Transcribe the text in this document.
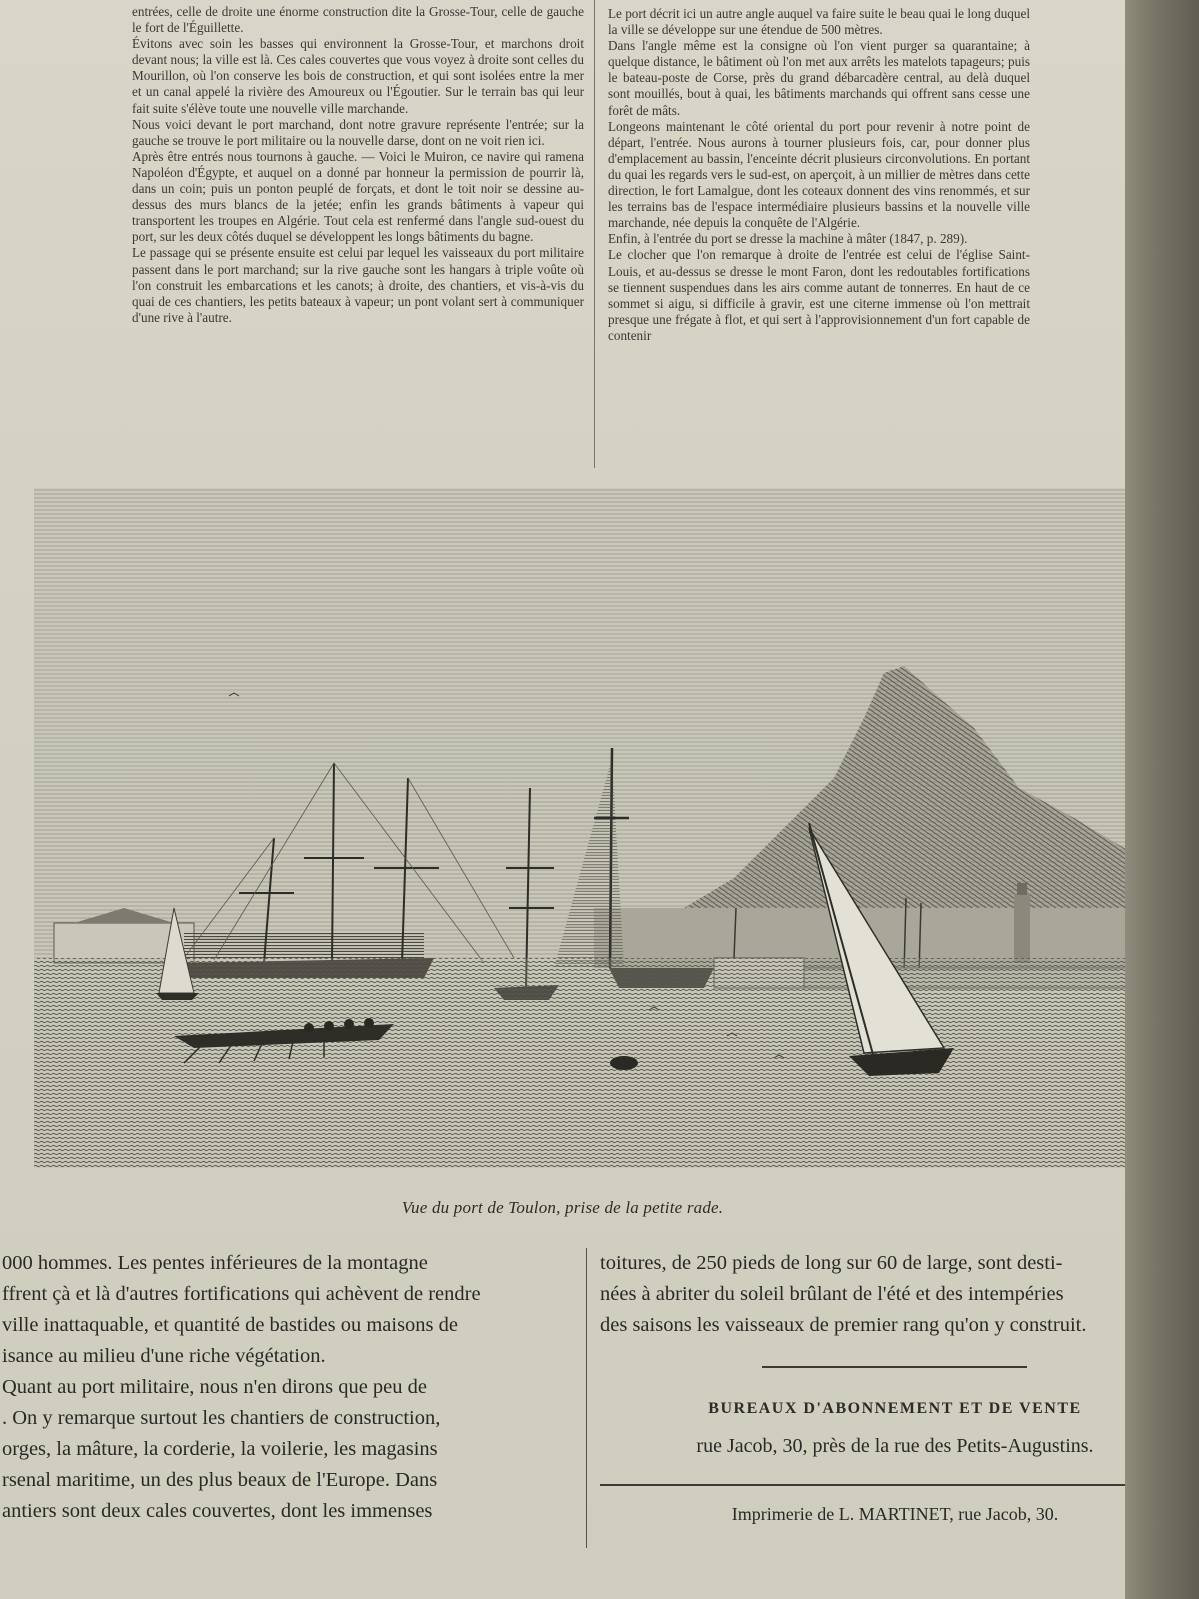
entrées, celle de droite une énorme construction dite la Grosse-Tour, celle de gauche le fort de l'Éguillette.

Évitons avec soin les basses qui environnent la Grosse-Tour, et marchons droit devant nous; la ville est là. Ces cales couvertes que vous voyez à droite sont celles du Mourillon, où l'on conserve les bois de construction, et qui sont isolées entre la mer et un canal appelé la rivière des Amoureux ou l'Égoutier. Sur le terrain bas qui leur fait suite s'élève toute une nouvelle ville marchande.

Nous voici devant le port marchand, dont notre gravure représente l'entrée; sur la gauche se trouve le port militaire ou la nouvelle darse, dont on ne voit rien ici.

Après être entrés nous tournons à gauche. — Voici le Muiron, ce navire qui ramena Napoléon d'Égypte, et auquel on a donné par honneur la permission de pourrir là, dans un coin; puis un ponton peuplé de forçats, et dont le toit noir se dessine au-dessus des murs blancs de la jetée; enfin les grands bâtiments à vapeur qui transportent les troupes en Algérie. Tout cela est renfermé dans l'angle sud-ouest du port, sur les deux côtés duquel se développent les longs bâtiments du bagne.

Le passage qui se présente ensuite est celui par lequel les vaisseaux du port militaire passent dans le port marchand; sur la rive gauche sont les hangars à triple voûte où l'on construit les embarcations et les canots; à droite, des chantiers, et vis-à-vis du quai de ces chantiers, les petits bateaux à vapeur; un pont volant sert à communiquer d'une rive à l'autre.

Le port décrit ici un autre angle auquel va faire suite le beau quai le long duquel la ville se développe sur une étendue de 500 mètres.

Dans l'angle même est la consigne où l'on vient purger sa quarantaine; à quelque distance, le bâtiment où l'on met aux arrêts les matelots tapageurs; puis le bateau-poste de Corse, près du grand débarcadère central, au delà duquel sont mouillés, bout à quai, les bâtiments marchands qui offrent sans cesse une forêt de mâts.

Longeons maintenant le côté oriental du port pour revenir à notre point de départ, l'entrée. Nous aurons à tourner plusieurs fois, car, pour donner plus d'emplacement au bassin, l'enceinte décrit plusieurs circonvolutions. En portant du quai les regards vers le sud-est, on aperçoit, à un millier de mètres dans cette direction, le fort Lamalgue, dont les coteaux donnent des vins renommés, et sur les terrains bas de l'espace intermédiaire plusieurs bassins et la nouvelle ville marchande, née depuis la conquête de l'Algérie.

Enfin, à l'entrée du port se dresse la machine à mâter (1847, p. 289).

Le clocher que l'on remarque à droite de l'entrée est celui de l'église Saint-Louis, et au-dessus se dresse le mont Faron, dont les redoutables fortifications se tiennent suspendues dans les airs comme autant de tonnerres. En haut de ce sommet si aigu, si difficile à gravir, est une citerne immense où l'on mettrait presque une frégate à flot, et qui sert à l'approvisionnement d'un fort capable de contenir

Vue du port de Toulon, prise de la petite rade.

000 hommes. Les pentes inférieures de la montagne

ffrent çà et là d'autres fortifications qui achèvent de rendre

ville inattaquable, et quantité de bastides ou maisons de

isance au milieu d'une riche végétation.

Quant au port militaire, nous n'en dirons que peu de

. On y remarque surtout les chantiers de construction,

orges, la mâture, la corderie, la voilerie, les magasins

rsenal maritime, un des plus beaux de l'Europe. Dans

antiers sont deux cales couvertes, dont les immenses

toitures, de 250 pieds de long sur 60 de large, sont desti-

nées à abriter du soleil brûlant de l'été et des intempéries

des saisons les vaisseaux de premier rang qu'on y construit.

BUREAUX D'ABONNEMENT ET DE VENTE
rue Jacob, 30, près de la rue des Petits-Augustins.
Imprimerie de L. MARTINET, rue Jacob, 30.
